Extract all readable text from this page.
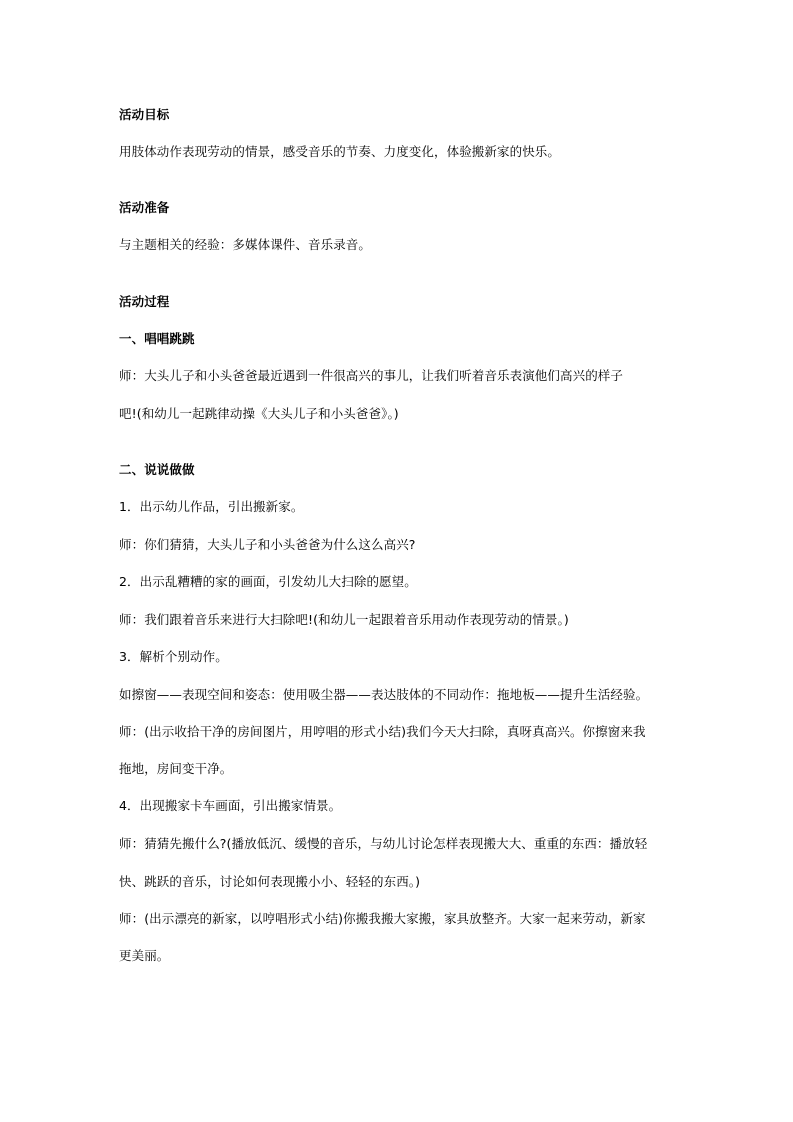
活动目标
用肢体动作表现劳动的情景，感受音乐的节奏、力度变化，体验搬新家的快乐。
活动准备
与主题相关的经验：多媒体课件、音乐录音。
活动过程
一、唱唱跳跳
师：大头儿子和小头爸爸最近遇到一件很高兴的事儿，让我们听着音乐表演他们高兴的样子
吧!(和幼儿一起跳律动操《大头儿子和小头爸爸》。)
二、说说做做
1．出示幼儿作品，引出搬新家。
师：你们猜猜，大头儿子和小头爸爸为什么这么高兴?
2．出示乱糟糟的家的画面，引发幼儿大扫除的愿望。
师：我们跟着音乐来进行大扫除吧!(和幼儿一起跟着音乐用动作表现劳动的情景。)
3．解析个别动作。
如擦窗——表现空间和姿态：使用吸尘器——表达肢体的不同动作：拖地板——提升生活经验。
师：(出示收拾干净的房间图片，用哼唱的形式小结)我们今天大扫除，真呀真高兴。你擦窗来我
拖地，房间变干净。
4．出现搬家卡车画面，引出搬家情景。
师：猜猜先搬什么?(播放低沉、缓慢的音乐，与幼儿讨论怎样表现搬大大、重重的东西：播放轻
快、跳跃的音乐，讨论如何表现搬小小、轻轻的东西。)
师：(出示漂亮的新家，以哼唱形式小结)你搬我搬大家搬，家具放整齐。大家一起来劳动，新家
更美丽。
